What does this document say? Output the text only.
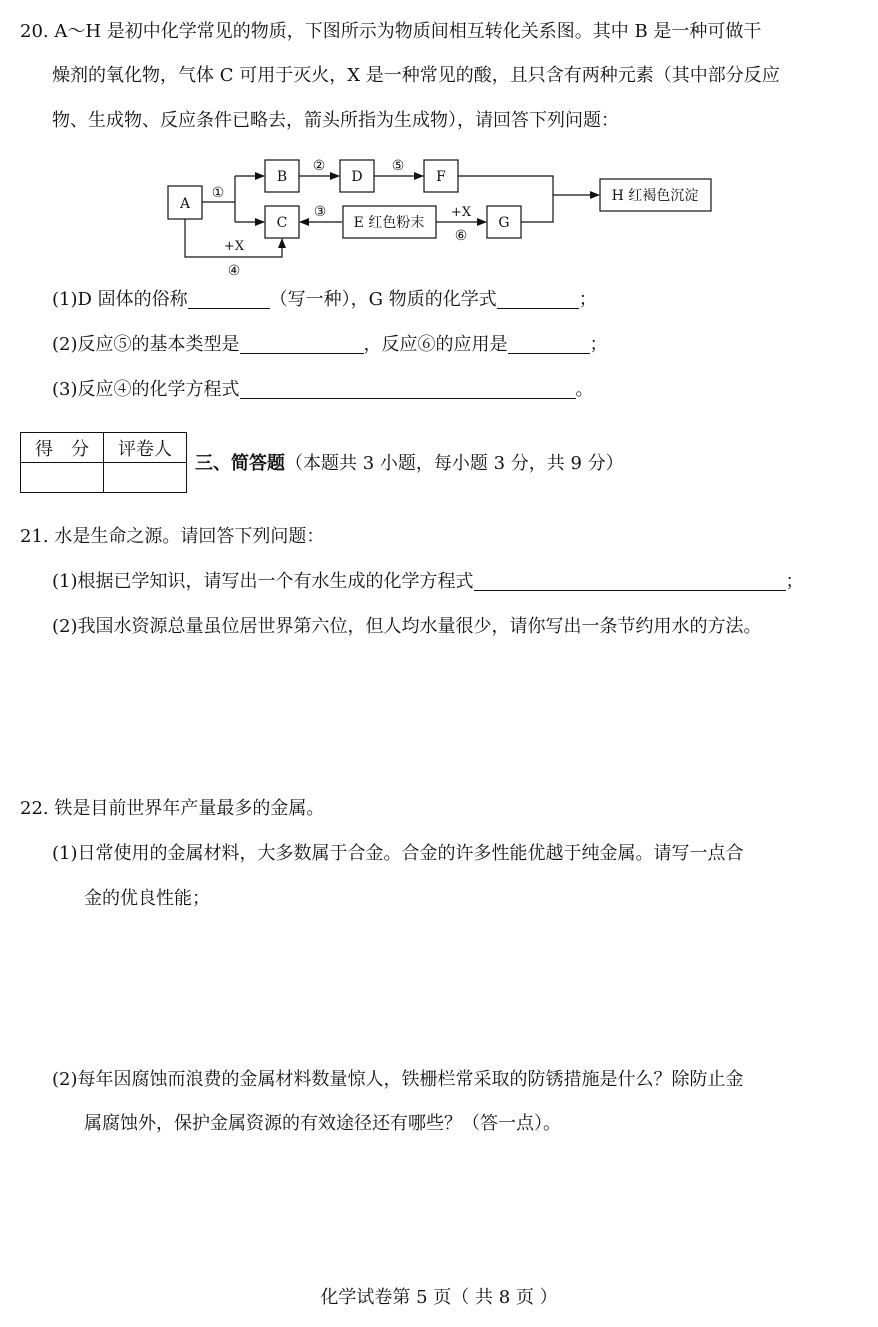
20. A～H 是初中化学常见的物质，下图所示为物质间相互转化关系图。其中 B 是一种可做干
燥剂的氧化物，气体 C 可用于灭火，X 是一种常见的酸，且只含有两种元素（其中部分反应
物、生成物、反应条件已略去，箭头所指为生成物），请回答下列问题：
A
B
C
D	F
E 红色粉末	G
H 红褐色沉淀
①
②	⑤
③	+X
⑥
+X
④
(1)D 固体的俗称	（写一种），G 物质的化学式	；
(2)反应⑤的基本类型是	，反应⑥的应用是	；
(3)反应④的化学方程式	。
得　分	评卷人

三、简答题（本题共 3 小题，每小题 3 分，共 9 分）
21. 水是生命之源。请回答下列问题：
(1)根据已学知识，请写出一个有水生成的化学方程式	；
(2)我国水资源总量虽位居世界第六位，但人均水量很少，请你写出一条节约用水的方法。
22. 铁是目前世界年产量最多的金属。
(1)日常使用的金属材料，大多数属于合金。合金的许多性能优越于纯金属。请写一点合
金的优良性能；
(2)每年因腐蚀而浪费的金属材料数量惊人，铁栅栏常采取的防锈措施是什么？除防止金
属腐蚀外，保护金属资源的有效途径还有哪些？（答一点）。
化学试卷第 5 页（ 共 8 页 ）
